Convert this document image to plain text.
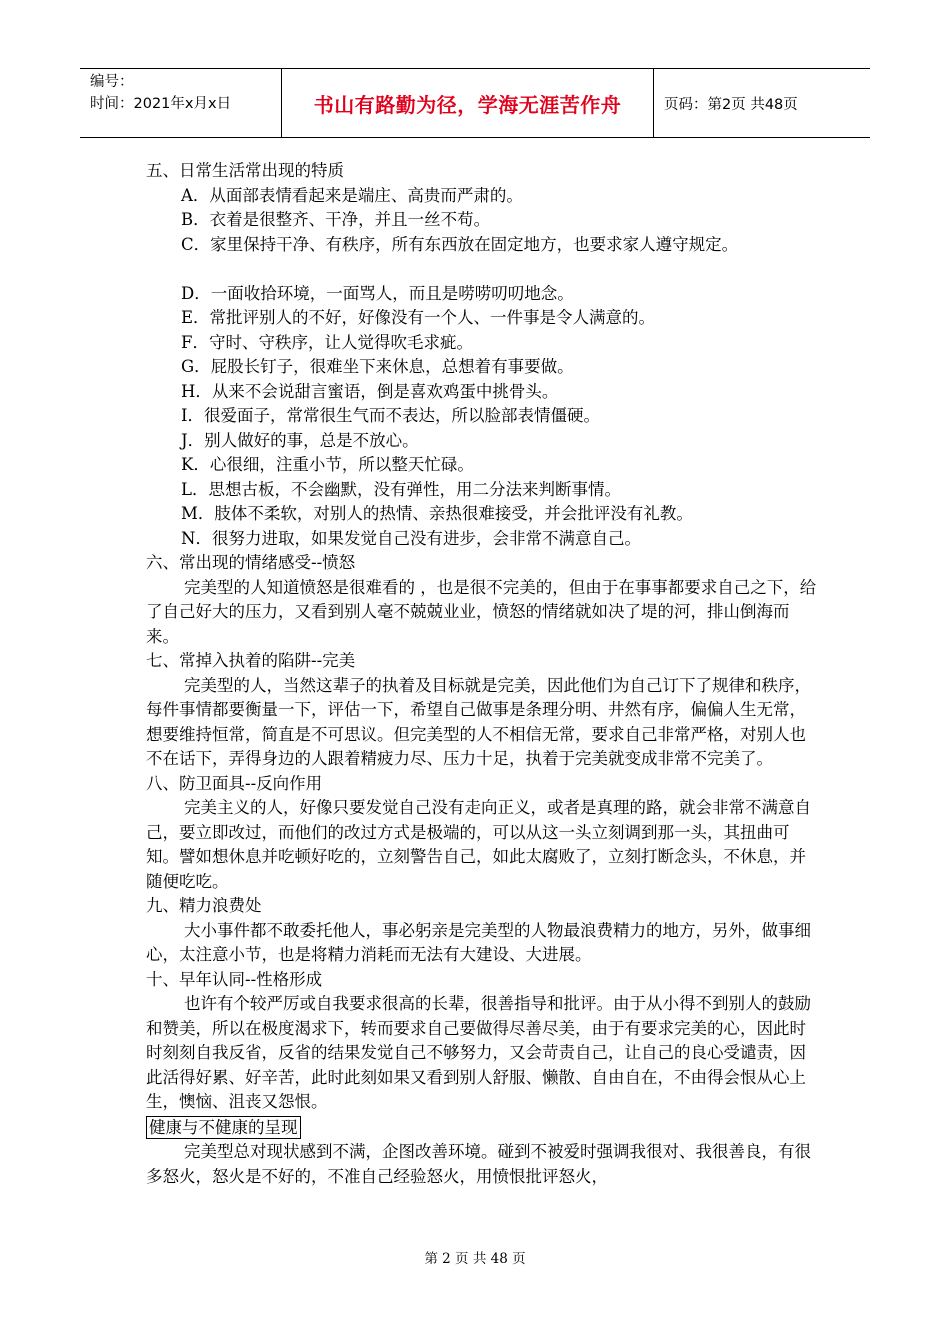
编号：
时间：2021年x月x日	书山有路勤为径，学海无涯苦作舟	页码：第2页 共48页

五、日常生活常出现的特质

A．从面部表情看起来是端庄、高贵而严肃的。

B．衣着是很整齐、干净，并且一丝不苟。

C．家里保持干净、有秩序，所有东西放在固定地方，也要求家人遵守规定。

D．一面收拾环境，一面骂人，而且是唠唠叨叨地念。

E．常批评别人的不好，好像没有一个人、一件事是令人满意的。

F．守时、守秩序，让人觉得吹毛求疵。

G．屁股长钉子，很难坐下来休息，总想着有事要做。

H．从来不会说甜言蜜语，倒是喜欢鸡蛋中挑骨头。

I．很爱面子，常常很生气而不表达，所以脸部表情僵硬。

J．别人做好的事，总是不放心。

K．心很细，注重小节，所以整天忙碌。

L．思想古板，不会幽默，没有弹性，用二分法来判断事情。

M．肢体不柔软，对别人的热情、亲热很难接受，并会批评没有礼教。

N．很努力进取，如果发觉自己没有进步，会非常不满意自己。

六、常出现的情绪感受--愤怒

完美型的人知道愤怒是很难看的 ，也是很不完美的，但由于在事事都要求自己之下，给了自己好大的压力，又看到别人毫不兢兢业业，愤怒的情绪就如决了堤的河，排山倒海而来。

七、常掉入执着的陷阱--完美

完美型的人，当然这辈子的执着及目标就是完美，因此他们为自己订下了规律和秩序，每件事情都要衡量一下，评估一下，希望自己做事是条理分明、井然有序，偏偏人生无常，想要维持恒常，简直是不可思议。但完美型的人不相信无常，要求自己非常严格，对别人也不在话下，弄得身边的人跟着精疲力尽、压力十足，执着于完美就变成非常不完美了。

八、防卫面具--反向作用

完美主义的人，好像只要发觉自己没有走向正义，或者是真理的路，就会非常不满意自己，要立即改过，而他们的改过方式是极端的，可以从这一头立刻调到那一头，其扭曲可知。譬如想休息并吃顿好吃的，立刻警告自己，如此太腐败了，立刻打断念头，不休息，并随便吃吃。

九、精力浪费处

大小事件都不敢委托他人，事必躬亲是完美型的人物最浪费精力的地方，另外，做事细心，太注意小节，也是将精力消耗而无法有大建设、大进展。

十、早年认同--性格形成

也许有个较严厉或自我要求很高的长辈，很善指导和批评。由于从小得不到别人的鼓励和赞美，所以在极度渴求下，转而要求自己要做得尽善尽美，由于有要求完美的心，因此时时刻刻自我反省，反省的结果发觉自己不够努力，又会苛责自己，让自己的良心受谴责，因此活得好累、好辛苦，此时此刻如果又看到别人舒服、懒散、自由自在，不由得会恨从心上生，懊恼、沮丧又怨恨。

健康与不健康的呈现

完美型总对现状感到不满，企图改善环境。碰到不被爱时强调我很对、我很善良，有很多怒火，怒火是不好的，不准自己经验怒火，用愤恨批评怒火，

第 2 页 共 48 页
